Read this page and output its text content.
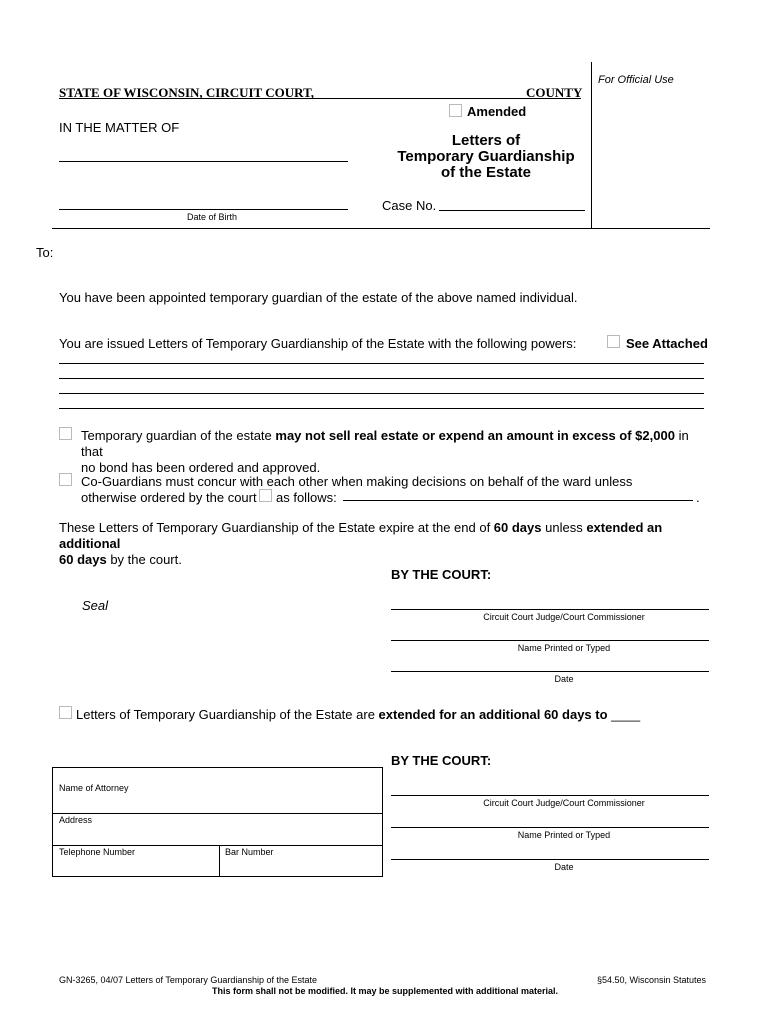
For Official Use
STATE OF WISCONSIN, CIRCUIT COURT,	COUNTY
Amended
IN THE MATTER OF
Letters of
Temporary Guardianship
of the Estate
Case No.
Date of Birth
To:
You have been appointed temporary guardian of the estate of the above named individual.
You are issued Letters of Temporary Guardianship of the Estate with the following powers:	See Attached
Temporary guardian of the estate may not sell real estate or expend an amount in excess of $2,000 in that
no bond has been ordered and approved.
Co-Guardians must concur with each other when making decisions on behalf of the ward unless
otherwise ordered by the court as follows:	.
These Letters of Temporary Guardianship of the Estate expire at the end of 60 days unless extended an additional
60 days by the court.
BY THE COURT:
Seal
Circuit Court Judge/Court Commissioner
Name Printed or Typed
Date
Letters of Temporary Guardianship of the Estate are extended for an additional 60 days to ____
BY THE COURT:
Circuit Court Judge/Court Commissioner
Name Printed or Typed
Date
Name of Attorney
Address
Telephone Number	Bar Number
GN-3265, 04/07 Letters of Temporary Guardianship of the Estate	§54.50, Wisconsin Statutes
This form shall not be modified. It may be supplemented with additional material.
